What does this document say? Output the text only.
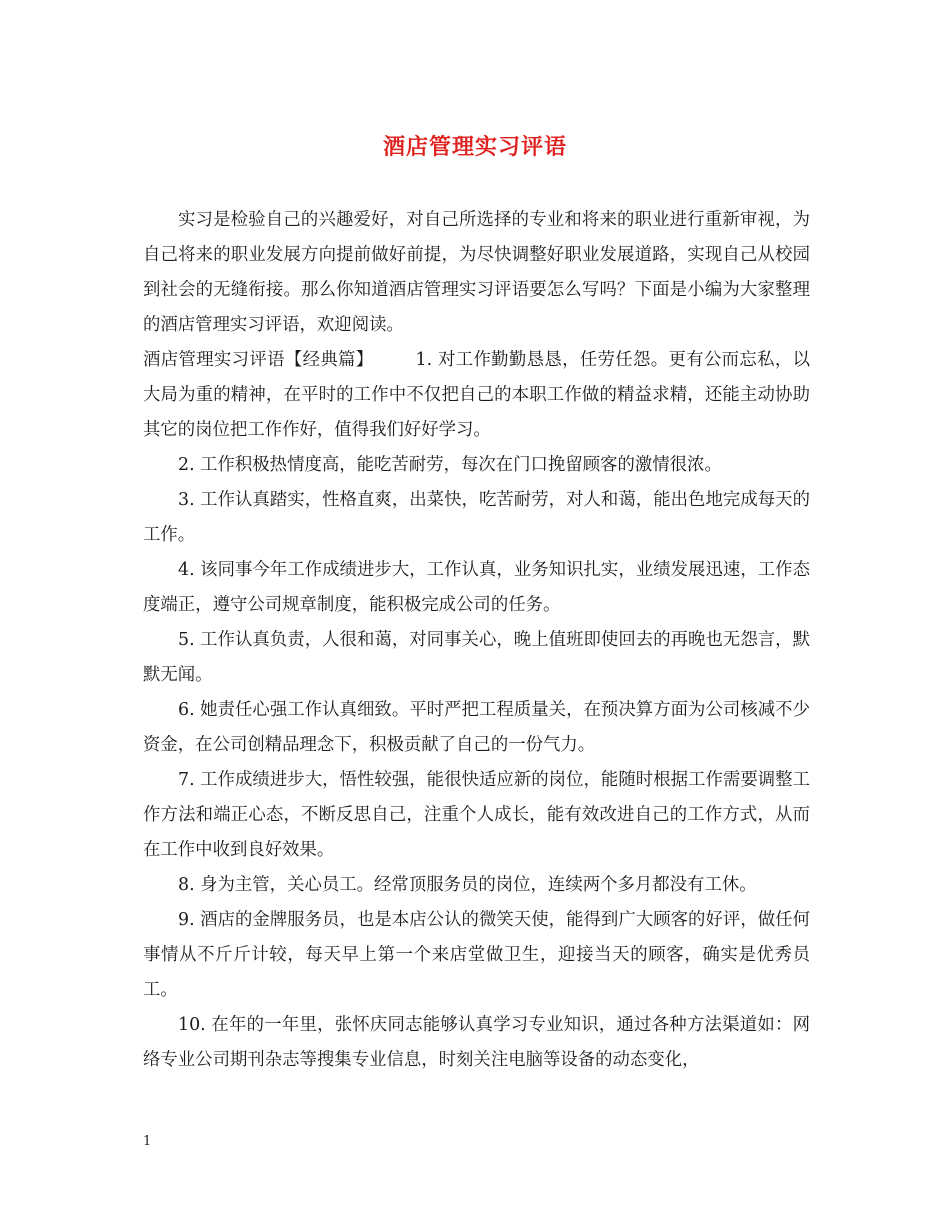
酒店管理实习评语

实习是检验自己的兴趣爱好，对自己所选择的专业和将来的职业进行重新审视，为自己将来的职业发展方向提前做好前提，为尽快调整好职业发展道路，实现自己从校园到社会的无缝衔接。那么你知道酒店管理实习评语要怎么写吗？下面是小编为大家整理的酒店管理实习评语，欢迎阅读。

酒店管理实习评语【经典篇】 1. 对工作勤勤恳恳，任劳任怨。更有公而忘私，以大局为重的精神，在平时的工作中不仅把自己的本职工作做的精益求精，还能主动协助其它的岗位把工作作好，值得我们好好学习。

2. 工作积极热情度高，能吃苦耐劳，每次在门口挽留顾客的激情很浓。

3. 工作认真踏实，性格直爽，出菜快，吃苦耐劳，对人和蔼，能出色地完成每天的工作。

4. 该同事今年工作成绩进步大，工作认真，业务知识扎实，业绩发展迅速，工作态度端正，遵守公司规章制度，能积极完成公司的任务。

5. 工作认真负责，人很和蔼，对同事关心，晚上值班即使回去的再晚也无怨言，默默无闻。

6. 她责任心强工作认真细致。平时严把工程质量关，在预决算方面为公司核减不少资金，在公司创精品理念下，积极贡献了自己的一份气力。

7. 工作成绩进步大，悟性较强，能很快适应新的岗位，能随时根据工作需要调整工作方法和端正心态，不断反思自己，注重个人成长，能有效改进自己的工作方式，从而在工作中收到良好效果。

8. 身为主管，关心员工。经常顶服务员的岗位，连续两个多月都没有工休。

9. 酒店的金牌服务员，也是本店公认的微笑天使，能得到广大顾客的好评，做任何事情从不斤斤计较，每天早上第一个来店堂做卫生，迎接当天的顾客，确实是优秀员工。

10. 在年的一年里，张怀庆同志能够认真学习专业知识，通过各种方法渠道如：网络专业公司期刊杂志等搜集专业信息，时刻关注电脑等设备的动态变化，

1
